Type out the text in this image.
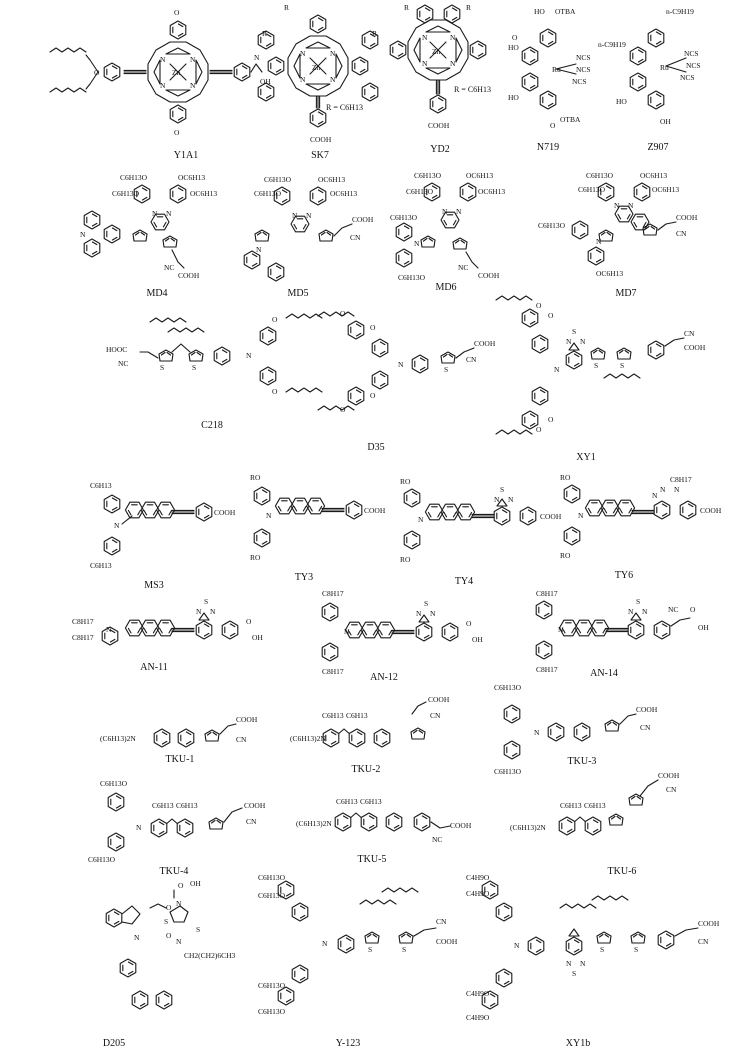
O
O
O	Zn
N	N
N	N
N
OH
Y1A1
R
R	R
N	N
Zn
N	N
R = C6H13
COOH
SK7
R	R
N	N
Zn
N	N
R = C6H13
COOH
YD2
HO OTBA
HO
NCS
Ru NCS
NCS
HO
OTBA
O
O
N719
n-C9H19
n-C9H19
NCS
Ru NCS
NCS
HO
OH
Z907
C6H13O
C6H13O
OC6H13
OC6H13
N
N N
NC
COOH
MD4
C6H13O
C6H13O
OC6H13
OC6H13
N
N N	COOH
CN
MD5
C6H13O
C6H13O
OC6H13
OC6H13
C6H13O
N
N N
C6H13O
NC
COOH
MD6
C6H13O
C6H13O
OC6H13
OC6H13
C6H13O
N
N N
OC6H13
COOH
CN
MD7
HOOC
NC	S	S
N
O
O
C218
O
O
N
S
COOH
CN
O
O
D35
O
O
N
S
N N
S	S
CN
COOH
O
O
XY1
C6H13
N
C6H13
COOH
MS3
RO
N
RO
COOH
TY3
RO
N
RO
S
N N
COOH
TY4
RO
N
RO
C8H17
N N
N
COOH
TY6
C8H17
N
C8H17
S
N N
O
OH
AN-11
C8H17
N
C8H17
S
N N
O
OH
AN-12
C8H17
N
C8H17
S
N N	NC O
OH
AN-14
(C6H13)2N
COOH
CN
TKU-1
C6H13 C6H13
(C6H13)2N
COOH
CN
TKU-2
C6H13O
N
C6H13O
COOH
CN
TKU-3
C6H13O
C6H13 C6H13
N
C6H13O
COOH
CN
TKU-4
C6H13 C6H13
(C6H13)2N	COOH
NC
TKU-5
C6H13 C6H13
(C6H13)2N
COOH
CN
TKU-6
O
OH
O
N
S
N
N
O
S
CH2(CH2)6CH3
D205
C6H13O
C6H13O
N
S	S
CN
COOH
C6H13O
C6H13O
Y-123
C4H9O
C4H9O
N
N N
S
S	S
COOH
CN
C4H9O
C4H9O
XY1b
